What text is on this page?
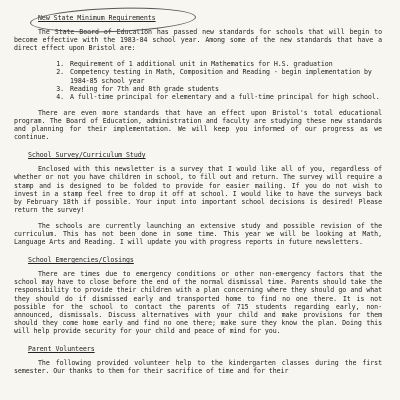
New State Minimum Requirements

The State Board of Education has passed new standards for schools that will begin to become effective with the 1983-84 school year. Among some of the new standards that have a direct effect upon Bristol are:

1. Requirement of 1 additional unit in Mathematics for H.S. graduation
2. Competency testing in Math, Composition and Reading - begin implementation by 1984-85 school year
3. Reading for 7th and 8th grade students
4. A full-time principal for elementary and a full-time principal for high school.

There are even more standards that have an effect upon Bristol's total educational program. The Board of Education, administration and faculty are studying these new standards and planning for their implementation. We will keep you informed of our progress as we continue.

School Survey/Curriculum Study

Enclosed with this newsletter is a survey that I would like all of you, regardless of whether or not you have children in school, to fill out and return. The survey will require a stamp and is designed to be folded to provide for easier mailing. If you do not wish to invest in a stamp feel free to drop it off at school. I would like to have the surveys back by February 18th if possible. Your input into important school decisions is desired! Please return the survey!

The schools are currently launching an extensive study and possible revision of the curriculum. This has not been done in some time. This year we will be looking at Math, Language Arts and Reading. I will update you with progress reports in future newsletters.

School Emergencies/Closings

There are times due to emergency conditions or other non-emergency factors that the school may have to close before the end of the normal dismissal time. Parents should take the responsibility to provide their children with a plan concerning where they should go and what they should do if dismissed early and transported home to find no one there. It is not possible for the school to contact the parents of 715 students regarding early, non-announced, dismissals. Discuss alternatives with your child and make provisions for them should they come home early and find no one there; make sure they know the plan. Doing this will help provide security for your child and peace of mind for you.

Parent Volunteers

The following provided volunteer help to the kindergarten classes during the first semester. Our thanks to them for their sacrifice of time and for their
